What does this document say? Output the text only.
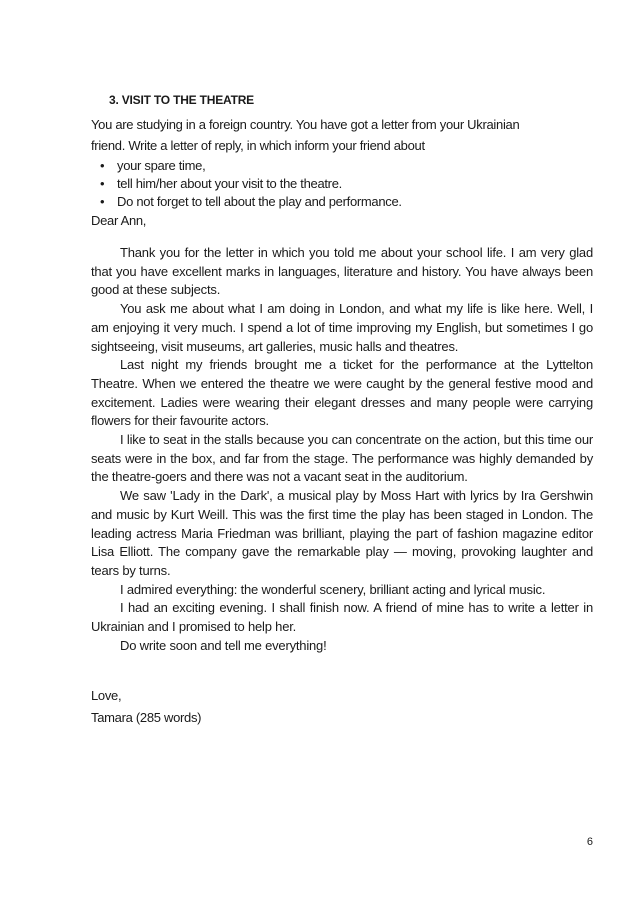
3. VISIT TO THE THEATRE
You are studying in a foreign country. You have got a letter from your Ukrainian
friend. Write a letter of reply, in which inform your friend about
• your spare time,
• tell him/her about your visit to the theatre.
• Do not forget to tell about the play and performance.
Dear Ann,

Thank you for the letter in which you told me about your school life. I am very glad that you have excellent marks in languages, literature and history. You have always been good at these subjects.

You ask me about what I am doing in London, and what my life is like here. Well, I am enjoying it very much. I spend a lot of time improving my English, but sometimes I go sightseeing, visit museums, art galleries, music halls and theatres.

Last night my friends brought me a ticket for the performance at the Lyttelton Theatre. When we entered the theatre we were caught by the general festive mood and excitement. Ladies were wearing their elegant dresses and many people were carrying flowers for their favourite actors.

I like to seat in the stalls because you can concentrate on the action, but this time our seats were in the box, and far from the stage. The performance was highly demanded by the theatre-goers and there was not a vacant seat in the auditorium.

We saw 'Lady in the Dark', a musical play by Moss Hart with lyrics by Ira Gershwin and music by Kurt Weill. This was the first time the play has been staged in London. The leading actress Maria Friedman was brilliant, playing the part of fashion magazine editor Lisa Elliott. The company gave the remarkable play — moving, provoking laughter and tears by turns.

I admired everything: the wonderful scenery, brilliant acting and lyrical music.

I had an exciting evening. I shall finish now. A friend of mine has to write a letter in Ukrainian and I promised to help her.

Do write soon and tell me everything!

Love,
Tamara (285 words)
6
